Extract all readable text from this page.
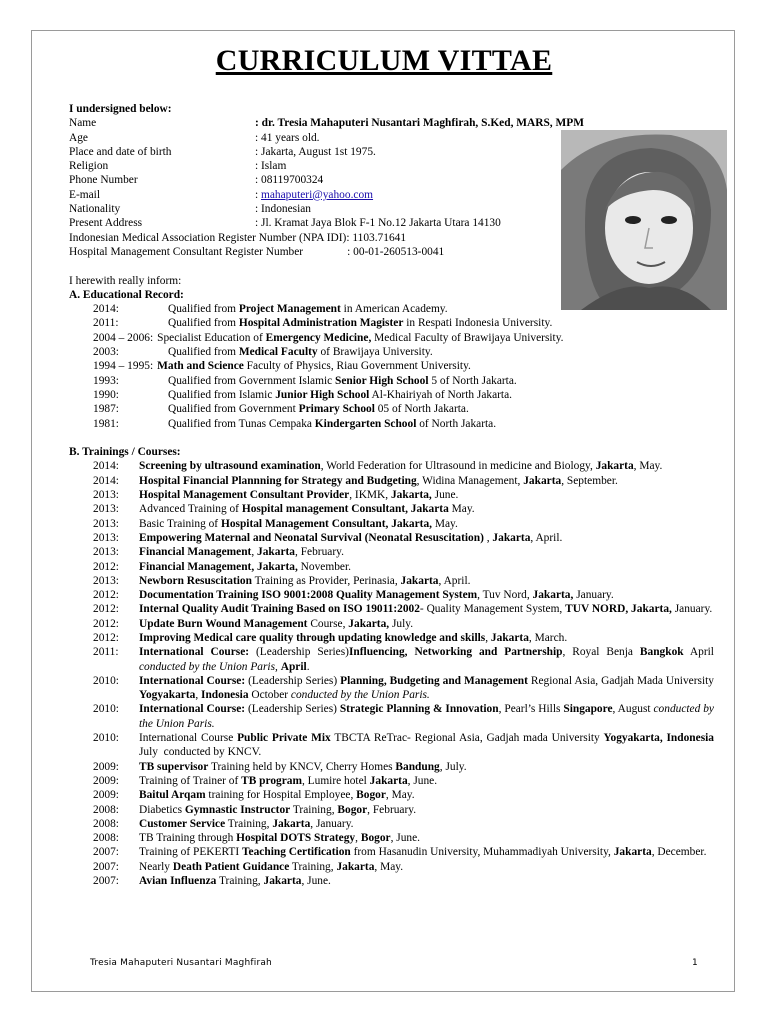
CURRICULUM VITTAE
I undersigned below:
Name	: dr. Tresia Mahaputeri Nusantari Maghfirah, S.Ked, MARS, MPM
Age	: 41 years old.
Place and date of birth	: Jakarta, August 1st 1975.
Religion	: Islam
Phone Number	: 08119700324
E-mail	: mahaputeri@yahoo.com
Nationality	: Indonesian
Present Address	: Jl. Kramat Jaya Blok F-1 No.12 Jakarta Utara 14130
Indonesian Medical Association Register Number (NPA IDI): 1103.71641
Hospital Management Consultant Register Number	: 00-01-260513-0041
I herewith really inform:
A. Educational Record:
2014:	Qualified from Project Management in American Academy.
2011:	Qualified from Hospital Administration Magister in Respati Indonesia University.
2004 – 2006: Specialist Education of Emergency Medicine, Medical Faculty of Brawijaya University.
2003:	Qualified from Medical Faculty of Brawijaya University.
1994 – 1995: Math and Science Faculty of Physics, Riau Government University.
1993:	Qualified from Government Islamic Senior High School 5 of North Jakarta.
1990:	Qualified from Islamic Junior High School Al-Khairiyah of North Jakarta.
1987:	Qualified from Government Primary School 05 of North Jakarta.
1981:	Qualified from Tunas Cempaka Kindergarten School of North Jakarta.
B. Trainings / Courses:
2014: Screening by ultrasound examination, World Federation for Ultrasound in medicine and Biology, Jakarta, May.
2014: Hospital Financial Plannning for Strategy and Budgeting, Widina Management, Jakarta, September.
2013: Hospital Management Consultant Provider, IKMK, Jakarta, June.
2013: Advanced Training of Hospital management Consultant, Jakarta May.
2013: Basic Training of Hospital Management Consultant, Jakarta, May.
2013: Empowering Maternal and Neonatal Survival (Neonatal Resuscitation) , Jakarta, April.
2013: Financial Management, Jakarta, February.
2012: Financial Management, Jakarta, November.
2013: Newborn Resuscitation Training as Provider, Perinasia, Jakarta, April.
2012: Documentation Training ISO 9001:2008 Quality Management System, Tuv Nord, Jakarta, January.
2012: Internal Quality Audit Training Based on ISO 19011:2002- Quality Management System, TUV NORD, Jakarta, January.
2012: Update Burn Wound Management Course, Jakarta, July.
2012: Improving Medical care quality through updating knowledge and skills, Jakarta, March.
2011: International Course: (Leadership Series)Influencing, Networking and Partnership, Royal Benja Bangkok April conducted by the Union Paris, April.
2010: International Course: (Leadership Series) Planning, Budgeting and Management Regional Asia, Gadjah Mada University Yogyakarta, Indonesia October conducted by the Union Paris.
2010: International Course: (Leadership Series) Strategic Planning & Innovation, Pearl’s Hills Singapore, August conducted by the Union Paris.
2010: International Course Public Private Mix TBCTA ReTrac- Regional Asia, Gadjah mada University Yogyakarta, Indonesia July  conducted by KNCV.
2009: TB supervisor Training held by KNCV, Cherry Homes Bandung, July.
2009: Training of Trainer of TB program, Lumire hotel Jakarta, June.
2009: Baitul Arqam training for Hospital Employee, Bogor, May.
2008: Diabetics Gymnastic Instructor Training, Bogor, February.
2008: Customer Service Training, Jakarta, January.
2008: TB Training through Hospital DOTS Strategy, Bogor, June.
2007: Training of PEKERTI Teaching Certification from Hasanudin University, Muhammadiyah University, Jakarta, December.
2007: Nearly Death Patient Guidance Training, Jakarta, May.
2007: Avian Influenza Training, Jakarta, June.
Tresia Mahaputeri Nusantari Maghfirah	1
